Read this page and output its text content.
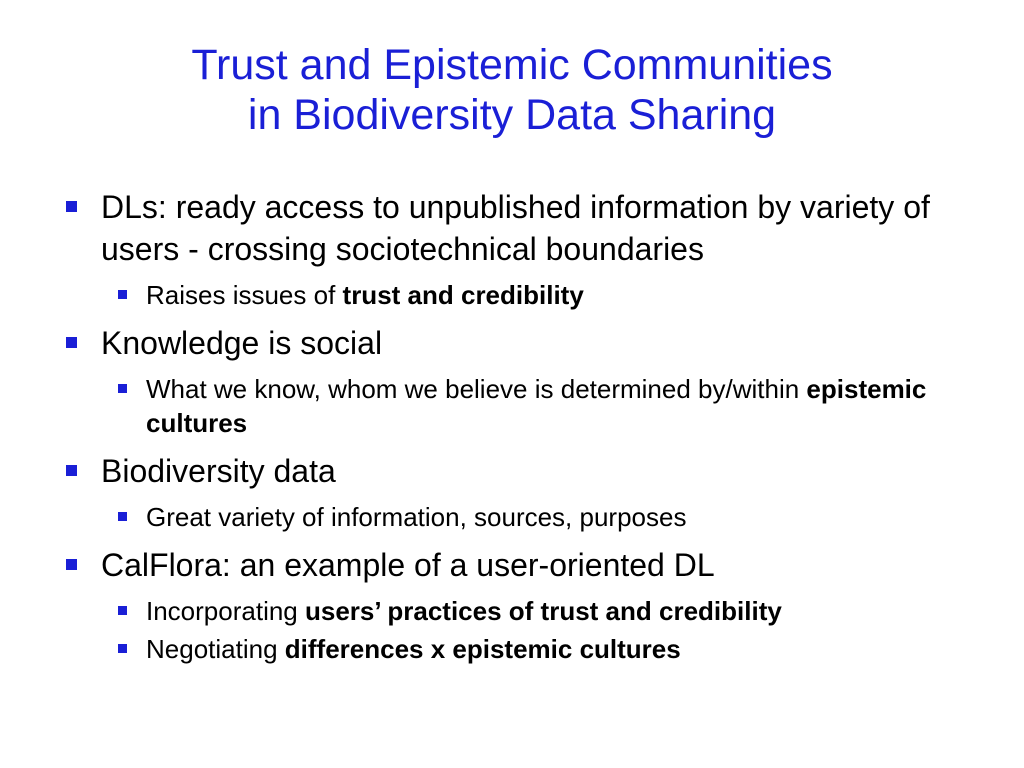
Trust and Epistemic Communities
in Biodiversity Data Sharing
DLs: ready access to unpublished information by variety of users - crossing sociotechnical boundaries
Raises issues of trust and credibility
Knowledge is social
What we know, whom we believe is determined by/within epistemic cultures
Biodiversity data
Great variety of information, sources, purposes
CalFlora: an example of a user-oriented DL
Incorporating users’ practices of trust and credibility
Negotiating differences x epistemic cultures
